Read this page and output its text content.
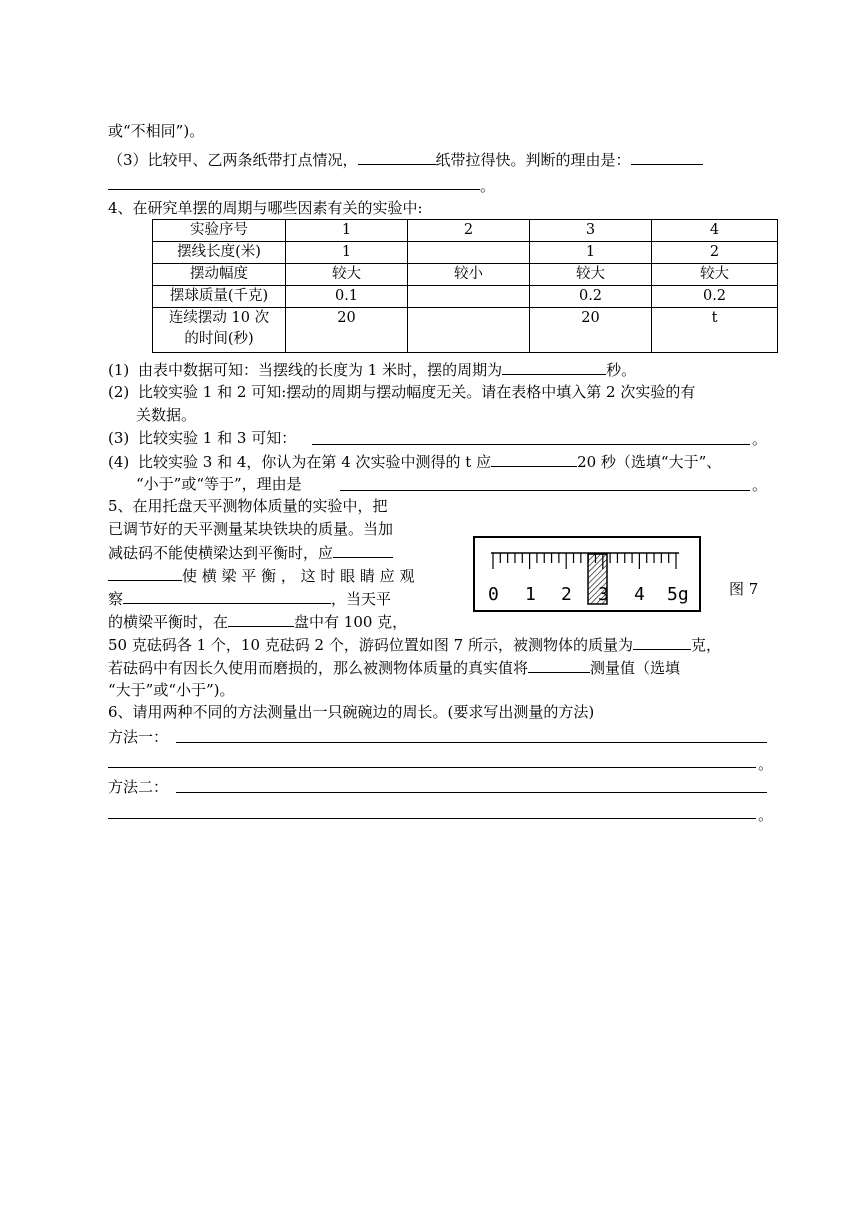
或“不相同”)。
（3）比较甲、乙两条纸带打点情况，	纸带拉得快。判断的理由是：
。
4、在研究单摆的周期与哪些因素有关的实验中:
实验序号	1	2	3	4
摆线长度(米)	1		1	2
摆动幅度	较大	较小	较大	较大
摆球质量(千克)	0.1		0.2	0.2

连续摆动 10 次
的时间(秒)	20		20	t
(1) 由表中数据可知：当摆线的长度为 1 米时，摆的周期为	秒。
(2) 比较实验 1 和 2 可知:摆动的周期与摆动幅度无关。请在表格中填入第 2 次实验的有
关数据。
(3) 比较实验 1 和 3 可知：	。
(4) 比较实验 3 和 4，你认为在第 4 次实验中测得的 t 应	20 秒（选填“大于”、
“小于”或“等于”，理由是	。
5、在用托盘天平测物体质量的实验中，把
已调节好的天平测量某块铁块的质量。当加
减砝码不能使横梁达到平衡时，应
使 横 梁 平 衡 ， 这 时 眼 睛 应 观
察	，当天平
的横梁平衡时，在	盘中有 100 克，
50 克砝码各 1 个，10 克砝码 2 个，游码位置如图 7 所示，被测物体的质量为	克，
若砝码中有因长久使用而磨损的，那么被测物体质量的真实值将	测量值（选填
“大于”或“小于”)。
0 1 2 3 4 5g	图 7
6、请用两种不同的方法测量出一只碗碗边的周长。(要求写出测量的方法)
方法一：
。
方法二：
。
